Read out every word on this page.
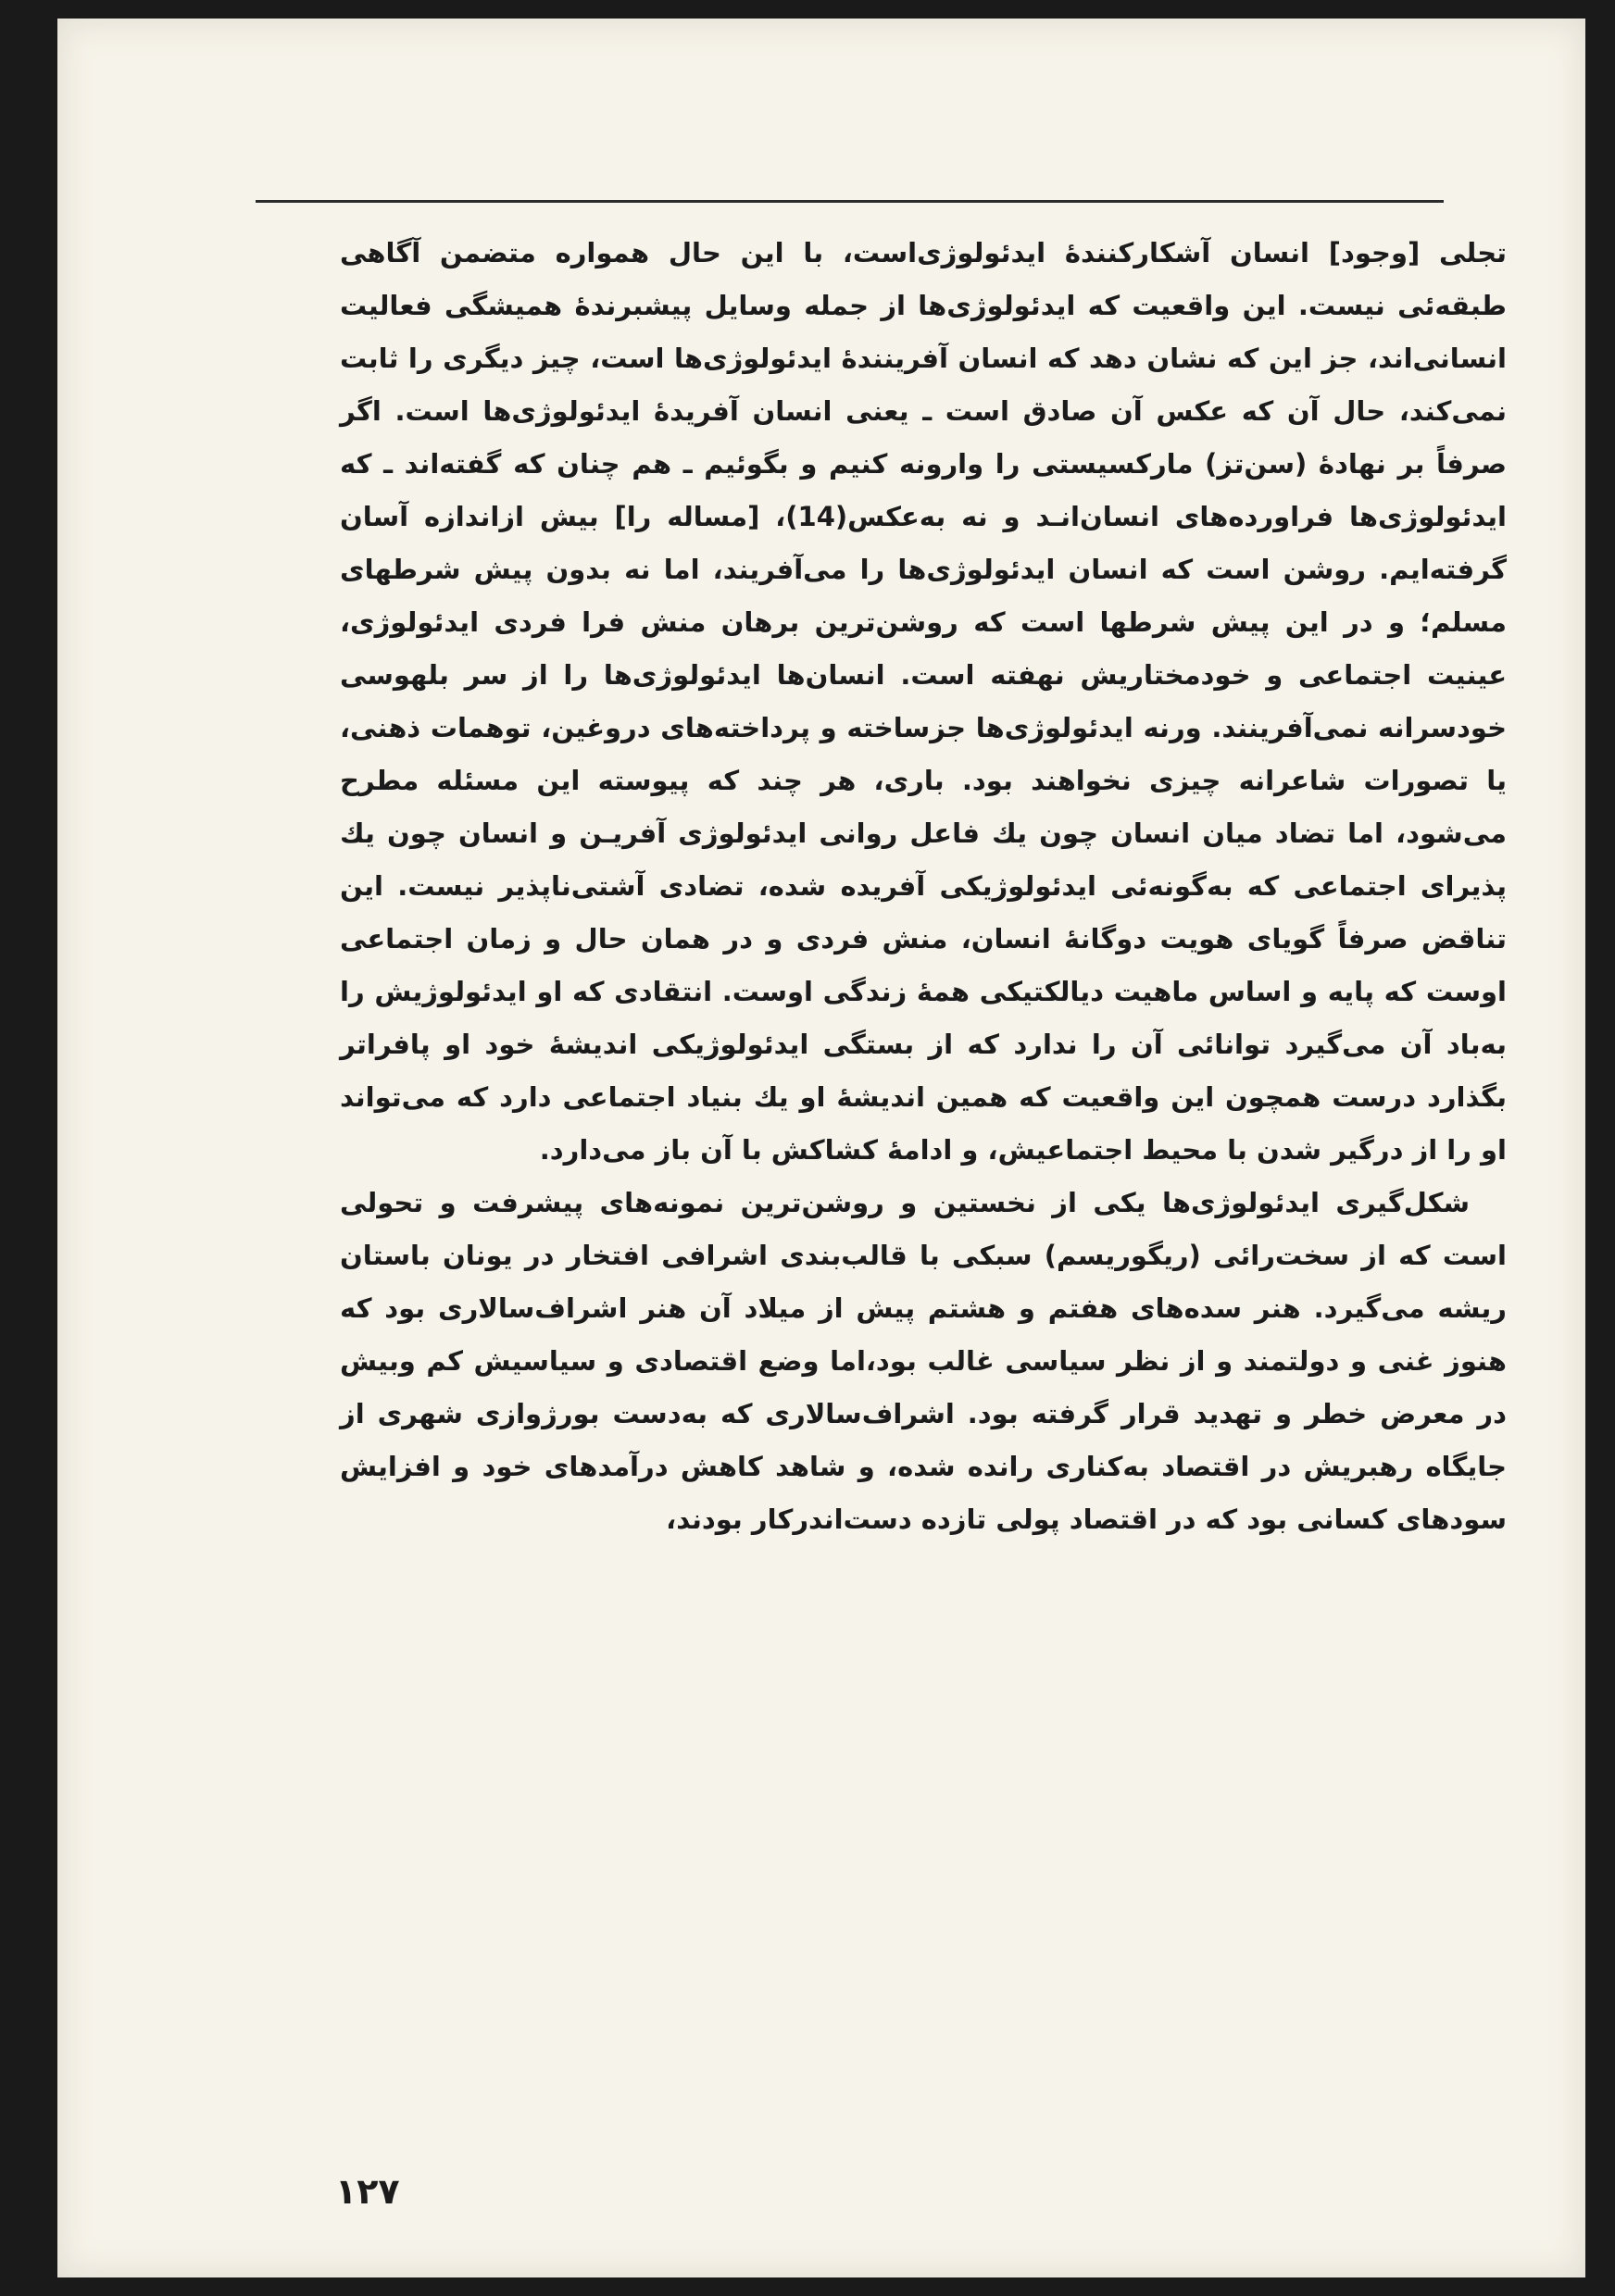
تجلی [وجود] انسان آشکارکنندهٔ ایدئولوژی‌است، با این حال همواره متضمن آگاهی طبقه‌ئی نیست. این واقعیت که ایدئولوژی‌ها از جمله وسایل پیشبرندهٔ همیشگی فعالیت انسانی‌اند، جز این که نشان دهد که انسان آفرینندهٔ ایدئولوژی‌ها است، چیز دیگری را ثابت نمی‌کند، حال آن که عکس آن صادق است ـ یعنی انسان آفریدهٔ ایدئولوژی‌ها است. اگر صرفاً بر نهادهٔ (سن‌تز) مارکسیستی را وارونه کنیم و بگوئیم ـ هم چنان که گفته‌اند ـ که ایدئولوژی‌ها فراورده‌های انسان‌انـد و نه به‌عکس(14)، [مساله را] بیش ازاندازه آسان گرفته‌ایم. روشن است که انسان ایدئولوژی‌ها را می‌آفریند، اما نه بدون پیش شرطهای مسلم؛ و در این پیش شرطها است که روشن‌ترین برهان منش فرا فردی ایدئولوژی، عینیت اجتماعی و خودمختاریش نهفته است. انسان‌ها ایدئولوژی‌ها را از سر بلهوسی خودسرانه نمی‌آفرینند. ورنه ایدئولوژی‌ها جزساخته و پرداخته‌های دروغین، توهمات ذهنی، یا تصورات شاعرانه چیزی نخواهند بود. باری، هر چند که پیوسته این مسئله مطرح می‌شود، اما تضاد میان انسان چون یك فاعل روانی ایدئولوژی آفریـن و انسان چون یك پذیرای اجتماعی که به‌گونه‌ئی ایدئولوژیکی آفریده شده، تضادی آشتی‌ناپذیر نیست. این تناقض صرفاً گویای هویت دوگانهٔ انسان، منش فردی و در همان حال و زمان اجتماعی اوست که پایه و اساس ماهیت دیالکتیکی همهٔ زندگی اوست. انتقادی که او ایدئولوژیش را به‌باد آن می‌گیرد توانائی آن را ندارد که از بستگی ایدئولوژیکی اندیشهٔ خود او پافراتر بگذارد درست همچون این واقعیت که همین اندیشهٔ او یك بنیاد اجتماعی دارد که می‌تواند او را از درگیر شدن با محیط اجتماعیش، و ادامهٔ کشاکش با آن باز می‌دارد.

شکل‌گیری ایدئولوژی‌ها یکی از نخستین و روشن‌ترین نمونه‌های پیشرفت و تحولی است که از سخت‌رائی (ریگوریسم) سبکی با قالب‌بندی اشرافی افتخار در یونان باستان ریشه می‌گیرد. هنر سده‌های هفتم و هشتم پیش از میلاد آن هنر اشراف‌سالاری بود که هنوز غنی و دولتمند و از نظر سیاسی غالب بود،اما وضع اقتصادی و سیاسیش کم وبیش در معرض خطر و تهدید قرار گرفته بود. اشراف‌سالاری که به‌دست بورژوازی شهری از جایگاه رهبریش در اقتصاد به‌کناری رانده شده، و شاهد کاهش درآمدهای خود و افزایش سودهای کسانی بود که در اقتصاد پولی تازده دست‌اندرکار بودند،

۱۲۷
